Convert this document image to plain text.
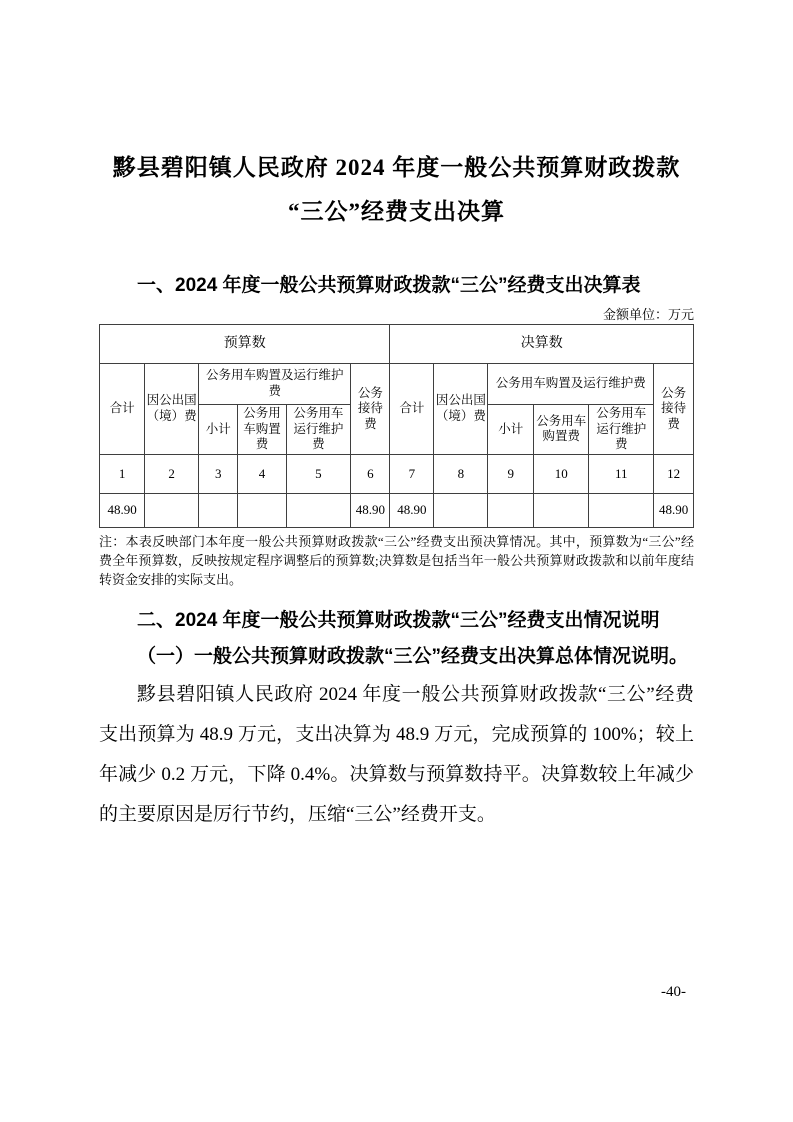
黟县碧阳镇人民政府 2024 年度一般公共预算财政拨款
“三公”经费支出决算
一、2024 年度一般公共预算财政拨款“三公”经费支出决算表
金额单位：万元
预算数						决算数					
合计	因公出国（境）费	公务用车购置及运行维护费			公务接待费	合计	因公出国（境）费	公务用车购置及运行维护费			公务接待费
		小计	公务用车购置费	公务用车运行维护费				小计	公务用车购置费	公务用车运行维护费	
1	2	3	4	5	6	7	8	9	10	11	12
48.90					48.90	48.90					48.90
注：本表反映部门本年度一般公共预算财政拨款“三公”经费支出预决算情况。其中，预算数为“三公”经费全年预算数，反映按规定程序调整后的预算数;决算数是包括当年一般公共预算财政拨款和以前年度结转资金安排的实际支出。
二、2024 年度一般公共预算财政拨款“三公”经费支出情况说明
（一）一般公共预算财政拨款“三公”经费支出决算总体情况说明。

黟县碧阳镇人民政府 2024 年度一般公共预算财政拨款“三公”经费支出预算为 48.9 万元，支出决算为 48.9 万元，完成预算的 100%；较上年减少 0.2 万元，下降 0.4%。决算数与预算数持平。决算数较上年减少的主要原因是厉行节约，压缩“三公”经费开支。

-40-
